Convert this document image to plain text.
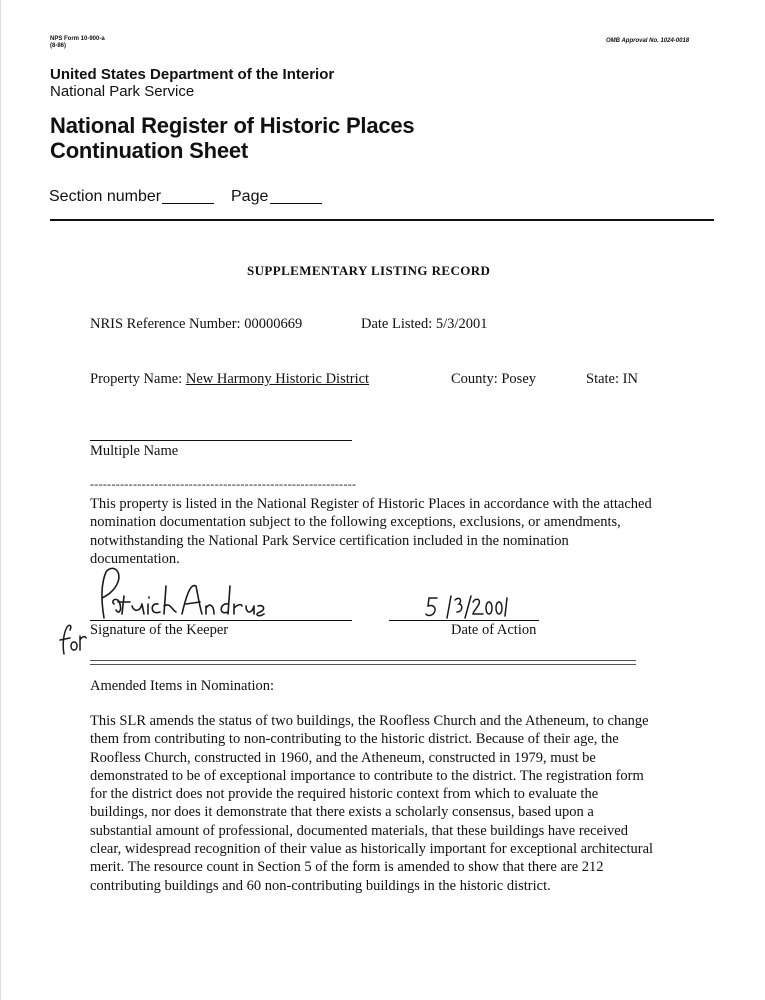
NPS Form 10-900-a
(8-86)
OMB Approval No. 1024-0018
United States Department of the Interior
National Park Service
National Register of Historic Places
Continuation Sheet
Section number	Page
SUPPLEMENTARY LISTING RECORD
NRIS Reference Number: 00000669	Date Listed: 5/3/2001
Property Name: New Harmony Historic District	County: Posey	State: IN
Multiple Name
--------------------------------------------------------------
This property is listed in the National Register of Historic Places in accordance with the attached
nomination documentation subject to the following exceptions, exclusions, or amendments,
notwithstanding the National Park Service certification included in the nomination
documentation.
Signature of the Keeper	Date of Action
Amended Items in Nomination:
This SLR amends the status of two buildings, the Roofless Church and the Atheneum, to change
them from contributing to non-contributing to the historic district. Because of their age, the
Roofless Church, constructed in 1960, and the Atheneum, constructed in 1979, must be
demonstrated to be of exceptional importance to contribute to the district. The registration form
for the district does not provide the required historic context from which to evaluate the
buildings, nor does it demonstrate that there exists a scholarly consensus, based upon a
substantial amount of professional, documented materials, that these buildings have received
clear, widespread recognition of their value as historically important for exceptional architectural
merit. The resource count in Section 5 of the form is amended to show that there are 212
contributing buildings and 60 non-contributing buildings in the historic district.
